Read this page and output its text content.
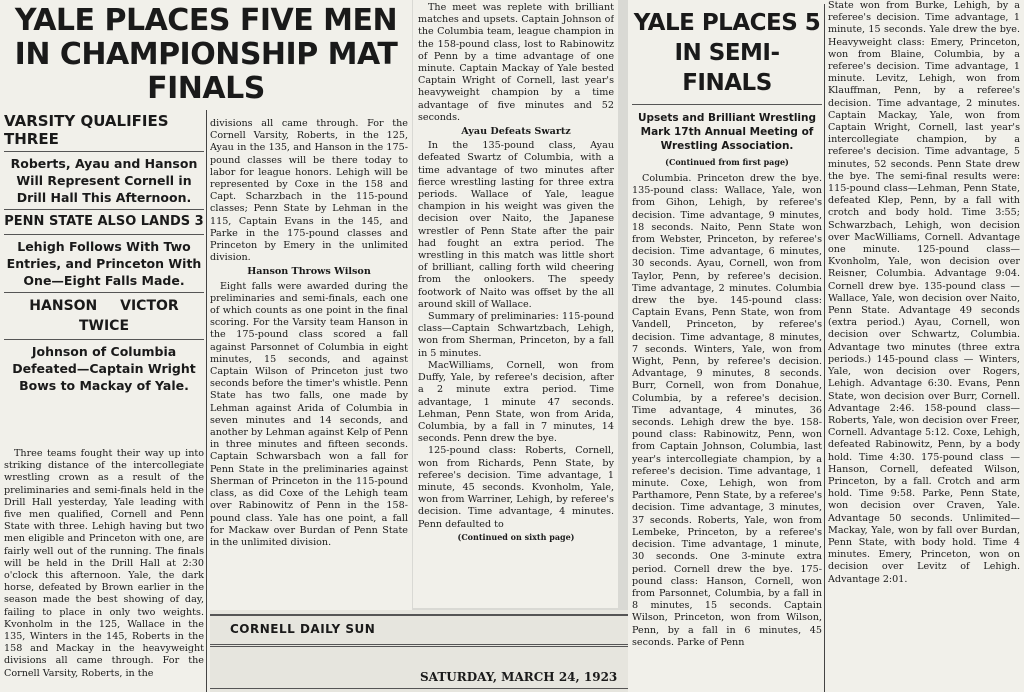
YALE PLACES FIVE MEN IN CHAMPIONSHIP MAT FINALS
VARSITY QUALIFIES THREE
Roberts, Ayau and Hanson Will Represent Cornell in Drill Hall This Afternoon.
PENN STATE ALSO LANDS 3
Lehigh Follows With Two Entries, and Princeton With One—Eight Falls Made.
HANSON VICTOR TWICE
Johnson of Columbia Defeated—Captain Wright Bows to Mackay of Yale.

Three teams fought their way up into striking distance of the intercollegiate wrestling crown as a result of the preliminaries and semi-finals held in the Drill Hall yesterday, Yale leading with five men qualified, Cornell and Penn State with three. Lehigh having but two men eligible and Princeton with one, are fairly well out of the running. The finals will be held in the Drill Hall at 2:30 o'clock this afternoon. Yale, the dark horse, defeated by Brown earlier in the season made the best showing of day, failing to place in only two weights. Kvonholm in the 125, Wallace in the 135, Winters in the 145, Roberts in the 158 and Mackay in the heavyweight divisions all came through. For the Cornell Varsity, Roberts, in the

divisions all came through. For the Cornell Varsity, Roberts, in the 125, Ayau in the 135, and Hanson in the 175-pound classes will be there today to labor for league honors. Lehigh will be represented by Coxe in the 158 and Capt. Scharzbach in the 115-pound classes; Penn State by Lehman in the 115, Captain Evans in the 145, and Parke in the 175-pound classes and Princeton by Emery in the unlimited division.

Hanson Throws Wilson

Eight falls were awarded during the preliminaries and semi-finals, each one of which counts as one point in the final scoring. For the Varsity team Hanson in the 175-pound class scored a fall against Parsonnet of Columbia in eight minutes, 15 seconds, and against Captain Wilson of Princeton just two seconds before the timer's whistle. Penn State has two falls, one made by Lehman against Arida of Columbia in seven minutes and 14 seconds, and another by Lehman against Kelp of Penn in three minutes and fifteen seconds. Captain Schwarsbach won a fall for Penn State in the preliminaries against Sherman of Princeton in the 115-pound class, as did Coxe of the Lehigh team over Rabinowitz of Penn in the 158-pound class. Yale has one point, a fall for Mackaw over Burdan of Penn State in the unlimited division.

The meet was replete with brilliant matches and upsets. Captain Johnson of the Columbia team, league champion in the 158-pound class, lost to Rabinowitz of Penn by a time advantage of one minute. Captain Mackay of Yale bested Captain Wright of Cornell, last year's heavyweight champion by a time advantage of five minutes and 52 seconds.

Ayau Defeats Swartz

In the 135-pound class, Ayau defeated Swartz of Columbia, with a time advantage of two minutes after fierce wrestling lasting for three extra periods. Wallace of Yale, league champion in his weight was given the decision over Naito, the Japanese wrestler of Penn State after the pair had fought an extra period. The wrestling in this match was little short of brilliant, calling forth wild cheering from the onlookers. The speedy footwork of Naito was offset by the all around skill of Wallace.

Summary of preliminaries: 115-pound class—Captain Schwartzbach, Lehigh, won from Sherman, Princeton, by a fall in 5 minutes.

MacWilliams, Cornell, won from Duffy, Yale, by referee's decision, after a 2 minute extra period. Time advantage, 1 minute 47 seconds. Lehman, Penn State, won from Arida, Columbia, by a fall in 7 minutes, 14 seconds. Penn drew the bye.

125-pound class: Roberts, Cornell, won from Richards, Penn State, by referee's decision. Time advantage, 1 minute, 45 seconds. Kvonholm, Yale, won from Warriner, Lehigh, by referee's decision. Time advantage, 4 minutes. Penn defaulted to

(Continued on sixth page)
CORNELL DAILY SUN
SATURDAY, MARCH 24, 1923
YALE PLACES 5 IN SEMI-FINALS
Upsets and Brilliant Wrestling Mark 17th Annual Meeting of Wrestling Association.
(Continued from first page)

Columbia. Princeton drew the bye. 135-pound class: Wallace, Yale, won from Gihon, Lehigh, by referee's decision. Time advantage, 9 minutes, 18 seconds. Naito, Penn State won from Webster, Princeton, by referee's decision. Time advantage, 6 minutes, 30 seconds. Ayau, Cornell, won from Taylor, Penn, by referee's decision. Time advantage, 2 minutes. Columbia drew the bye. 145-pound class: Captain Evans, Penn State, won from Vandell, Princeton, by referee's decision. Time advantage, 8 minutes, 7 seconds. Winters, Yale, won from Wight, Penn, by referee's decision. Advantage, 9 minutes, 8 seconds. Burr, Cornell, won from Donahue, Columbia, by a referee's decision. Time advantage, 4 minutes, 36 seconds. Lehigh drew the bye. 158-pound class: Rabinowitz, Penn, won from Captain Johnson, Columbia, last year's intercollegiate champion, by a referee's decision. Time advantage, 1 minute. Coxe, Lehigh, won from Parthamore, Penn State, by a referee's decision. Time advantage, 3 minutes, 37 seconds. Roberts, Yale, won from Lembeke, Princeton, by a referee's decision. Time advantage, 1 minute, 30 seconds. One 3-minute extra period. Cornell drew the bye. 175-pound class: Hanson, Cornell, won from Parsonnet, Columbia, by a fall in 8 minutes, 15 seconds. Captain Wilson, Princeton, won from Wilson, Penn, by a fall in 6 minutes, 45 seconds. Parke of Penn

State won from Burke, Lehigh, by a referee's decision. Time advantage, 1 minute, 15 seconds. Yale drew the bye. Heavyweight class: Emery, Princeton, won from Blaine, Columbia, by a referee's decision. Time advantage, 1 minute. Levitz, Lehigh, won from Klauffman, Penn, by a referee's decision. Time advantage, 2 minutes. Captain Mackay, Yale, won from Captain Wright, Cornell, last year's intercollegiate champion, by a referee's decision. Time advantage, 5 minutes, 52 seconds. Penn State drew the bye. The semi-final results were: 115-pound class—Lehman, Penn State, defeated Klep, Penn, by a fall with crotch and body hold. Time 3:55; Schwarzbach, Lehigh, won decision over MacWilliams, Cornell. Advantage one minute. 125-pound class—Kvonholm, Yale, won decision over Reisner, Columbia. Advantage 9:04. Cornell drew bye. 135-pound class — Wallace, Yale, won decision over Naito, Penn State. Advantage 49 seconds (extra period.) Ayau, Cornell, won decision over Schwartz, Columbia. Advantage two minutes (three extra periods.) 145-pound class — Winters, Yale, won decision over Rogers, Lehigh. Advantage 6:30. Evans, Penn State, won decision over Burr, Cornell. Advantage 2:46. 158-pound class—Roberts, Yale, won decision over Freer, Cornell. Advantage 5:12. Coxe, Lehigh, defeated Rabinowitz, Penn, by a body hold. Time 4:30. 175-pound class — Hanson, Cornell, defeated Wilson, Princeton, by a fall. Crotch and arm hold. Time 9:58. Parke, Penn State, won decision over Craven, Yale. Advantage 50 seconds. Unlimited—Mackay, Yale, won by fall over Burdan, Penn State, with body hold. Time 4 minutes. Emery, Princeton, won on decision over Levitz of Lehigh. Advantage 2:01.
